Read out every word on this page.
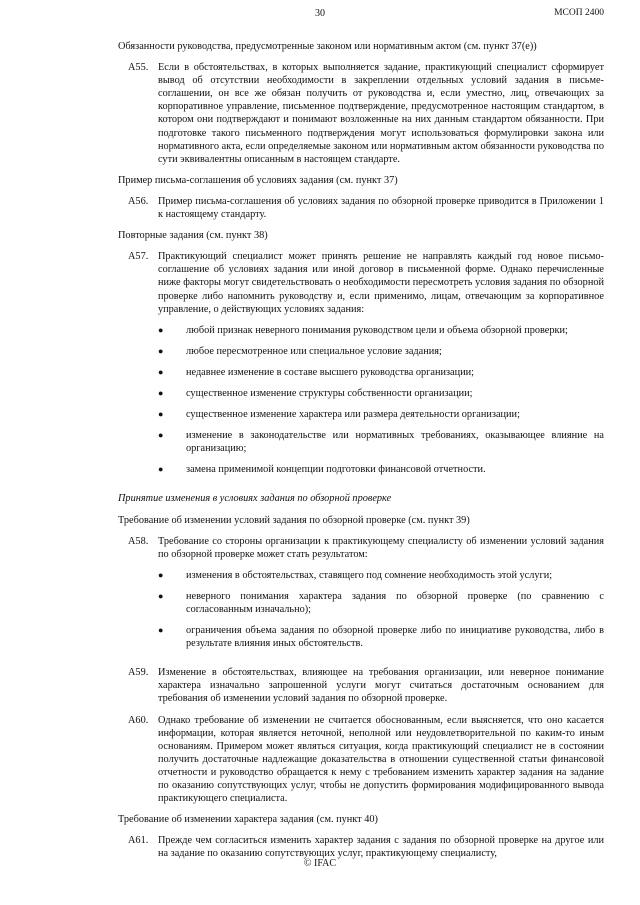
30	МСОП 2400
Обязанности руководства, предусмотренные законом или нормативным актом (см. пункт 37(е))
A55. Если в обстоятельствах, в которых выполняется задание, практикующий специалист сформирует вывод об отсутствии необходимости в закреплении отдельных условий задания в письме-соглашении, он все же обязан получить от руководства и, если уместно, лиц, отвечающих за корпоративное управление, письменное подтверждение, предусмотренное настоящим стандартом, в котором они подтверждают и понимают возложенные на них данным стандартом обязанности. При подготовке такого письменного подтверждения могут использоваться формулировки закона или нормативного акта, если определяемые законом или нормативным актом обязанности руководства по сути эквивалентны описанным в настоящем стандарте.

Пример письма-соглашения об условиях задания (см. пункт 37)
A56. Пример письма-соглашения об условиях задания по обзорной проверке приводится в Приложении 1 к настоящему стандарту.

Повторные задания (см. пункт 38)
A57. Практикующий специалист может принять решение не направлять каждый год новое письмо-соглашение об условиях задания или иной договор в письменной форме. Однако перечисленные ниже факторы могут свидетельствовать о необходимости пересмотреть условия задания по обзорной проверке либо напомнить руководству и, если применимо, лицам, отвечающим за корпоративное управление, о действующих условиях задания:

●	любой признак неверного понимания руководством цели и объема обзорной проверки;
●	любое пересмотренное или специальное условие задания;
●	недавнее изменение в составе высшего руководства организации;
●	существенное изменение структуры собственности организации;
●	существенное изменение характера или размера деятельности организации;
●	изменение в законодательстве или нормативных требованиях, оказывающее влияние на организацию;
●	замена применимой концепции подготовки финансовой отчетности.
Принятие изменения в условиях задания по обзорной проверке
Требование об изменении условий задания по обзорной проверке (см. пункт 39)
A58. Требование со стороны организации к практикующему специалисту об изменении условий задания по обзорной проверке может стать результатом:

●	изменения в обстоятельствах, ставящего под сомнение необходимость этой услуги;
●	неверного понимания характера задания по обзорной проверке (по сравнению с согласованным изначально);
●	ограничения объема задания по обзорной проверке либо по инициативе руководства, либо в результате влияния иных обстоятельств.
A59. Изменение в обстоятельствах, влияющее на требования организации, или неверное понимание характера изначально запрошенной услуги могут считаться достаточным основанием для требования об изменении условий задания по обзорной проверке.

A60. Однако требование об изменении не считается обоснованным, если выясняется, что оно касается информации, которая является неточной, неполной или неудовлетворительной по каким-то иным основаниям. Примером может являться ситуация, когда практикующий специалист не в состоянии получить достаточные надлежащие доказательства в отношении существенной статьи финансовой отчетности и руководство обращается к нему с требованием изменить характер задания на задание по оказанию сопутствующих услуг, чтобы не допустить формирования модифицированного вывода практикующего специалиста.

Требование об изменении характера задания (см. пункт 40)
A61. Прежде чем согласиться изменить характер задания с задания по обзорной проверке на другое или на задание по оказанию сопутствующих услуг, практикующему специалисту,

© IFAC
